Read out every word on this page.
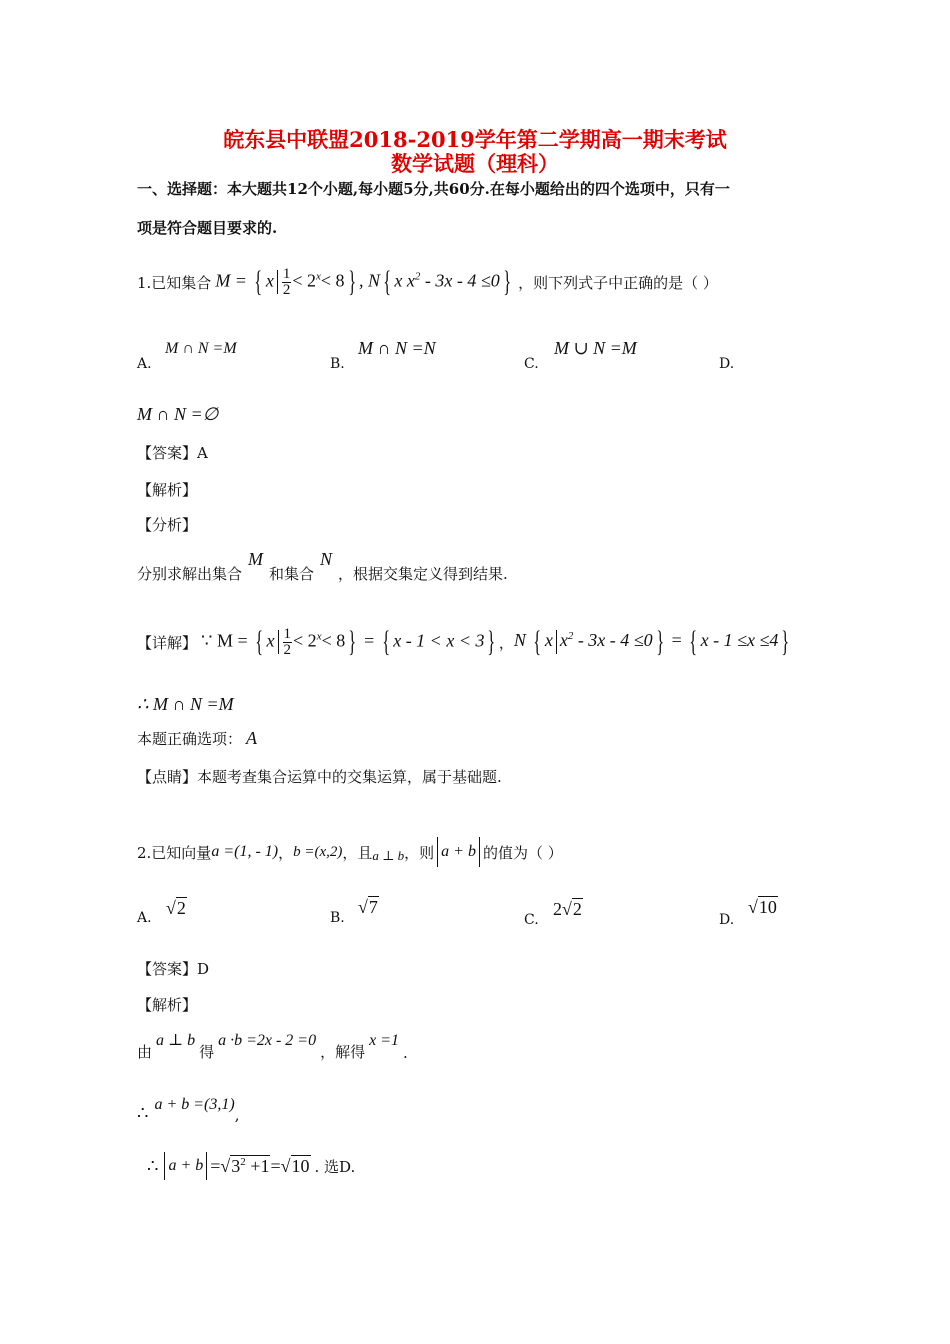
皖东县中联盟2018-2019学年第二学期高一期末考试
数学试题（理科）
一、选择题：本大题共12个小题,每小题5分,共60分.在每小题给出的四个选项中，只有一
项是符合题目要求的.
1.已知集合 M = { x $\frac{1}{2} < 2^x< 8$ } , N { x $x^2 - 3x - 4 \le 0$ } ，则下列式子中正确的是（ ）
A.
M ∩ N =M
B.
M ∩ N =N
C.
M ∪ N =M
D.
M ∩ N =∅
【答案】A
【解析】
【分析】
分别求解出集合
M
和集合
N
，根据交集定义得到结果.
【详解】 ∵ M = { x $\frac{1}{2} < 2^x< 8$ } = { x - 1 < x < 3 } ， N { x $x^2 - 3x - 4 \le 0$ } = { x - 1 ≤x ≤4 }
∴ M ∩ N =M
本题正确选项： A
【点睛】本题考查集合运算中的交集运算，属于基础题.
2.已知向量 a =(1, - 1) ， b =(x,2) ，且 a ⊥ b ，则 a + b 的值为（ ）
A. √2	B.
√7
C.
2√2
D.
√10
【答案】D
【解析】
由
a ⊥ b
得
a ·b =2x - 2 =0
，解得
x =1
.
∴ a + b =(3,1)
,
∴ $a + b = √3^2 +1 = √10$ . 选D.
